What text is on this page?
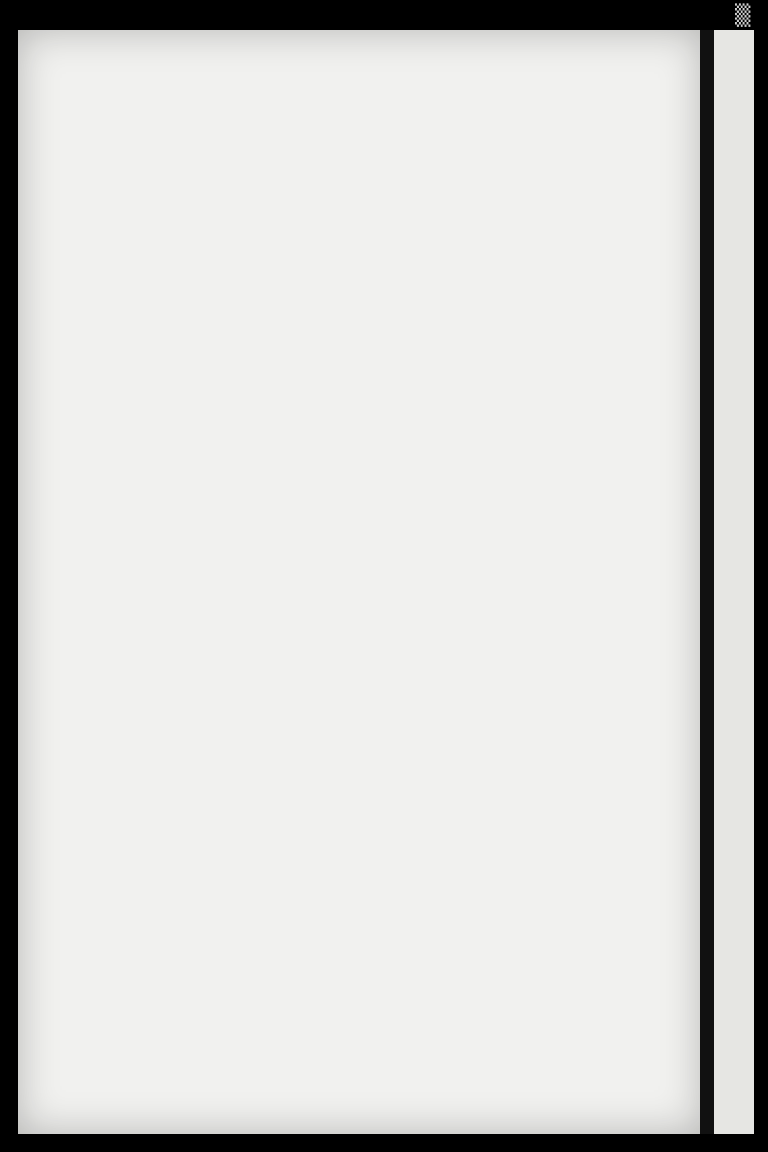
▒
